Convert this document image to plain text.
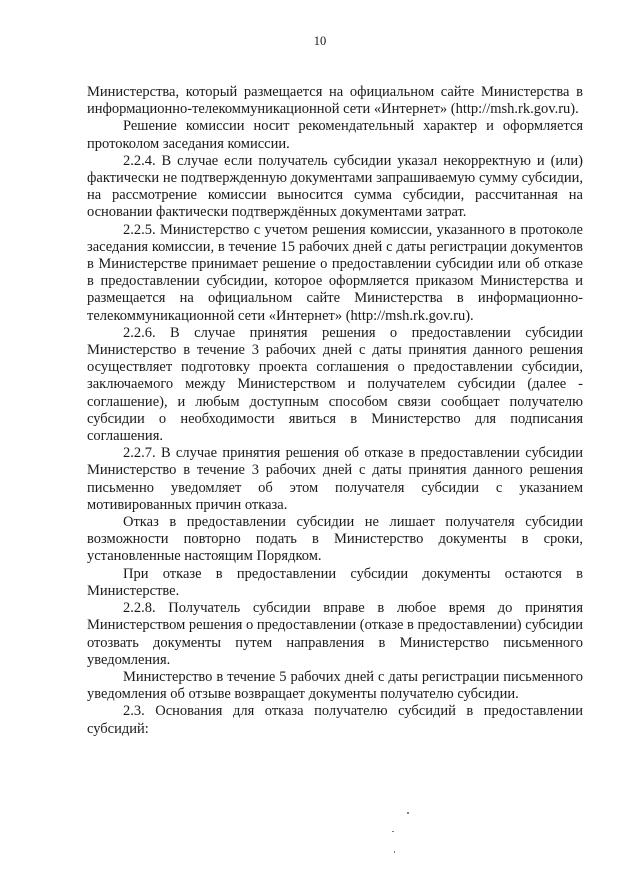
10

Министерства, который размещается на официальном сайте Министерства в информационно-телекоммуникационной сети «Интернет» (http://msh.rk.gov.ru).

Решение комиссии носит рекомендательный характер и оформляется протоколом заседания комиссии.

2.2.4. В случае если получатель субсидии указал некорректную и (или) фактически не подтвержденную документами запрашиваемую сумму субсидии, на рассмотрение комиссии выносится сумма субсидии, рассчитанная на основании фактически подтверждённых документами затрат.

2.2.5. Министерство с учетом решения комиссии, указанного в протоколе заседания комиссии, в течение 15 рабочих дней с даты регистрации документов в Министерстве принимает решение о предоставлении субсидии или об отказе в предоставлении субсидии, которое оформляется приказом Министерства и размещается на официальном сайте Министерства в информационно-телекоммуникационной сети «Интернет» (http://msh.rk.gov.ru).

2.2.6. В случае принятия решения о предоставлении субсидии Министерство в течение 3 рабочих дней с даты принятия данного решения осуществляет подготовку проекта соглашения о предоставлении субсидии, заключаемого между Министерством и получателем субсидии (далее - соглашение), и любым доступным способом связи сообщает получателю субсидии о необходимости явиться в Министерство для подписания соглашения.

2.2.7. В случае принятия решения об отказе в предоставлении субсидии Министерство в течение 3 рабочих дней с даты принятия данного решения письменно уведомляет об этом получателя субсидии с указанием мотивированных причин отказа.

Отказ в предоставлении субсидии не лишает получателя субсидии возможности повторно подать в Министерство документы в сроки, установленные настоящим Порядком.

При отказе в предоставлении субсидии документы остаются в Министерстве.

2.2.8. Получатель субсидии вправе в любое время до принятия Министерством решения о предоставлении (отказе в предоставлении) субсидии отозвать документы путем направления в Министерство письменного уведомления.

Министерство в течение 5 рабочих дней с даты регистрации письменного уведомления об отзыве возвращает документы получателю субсидии.

2.3. Основания для отказа получателю субсидий в предоставлении субсидий:
